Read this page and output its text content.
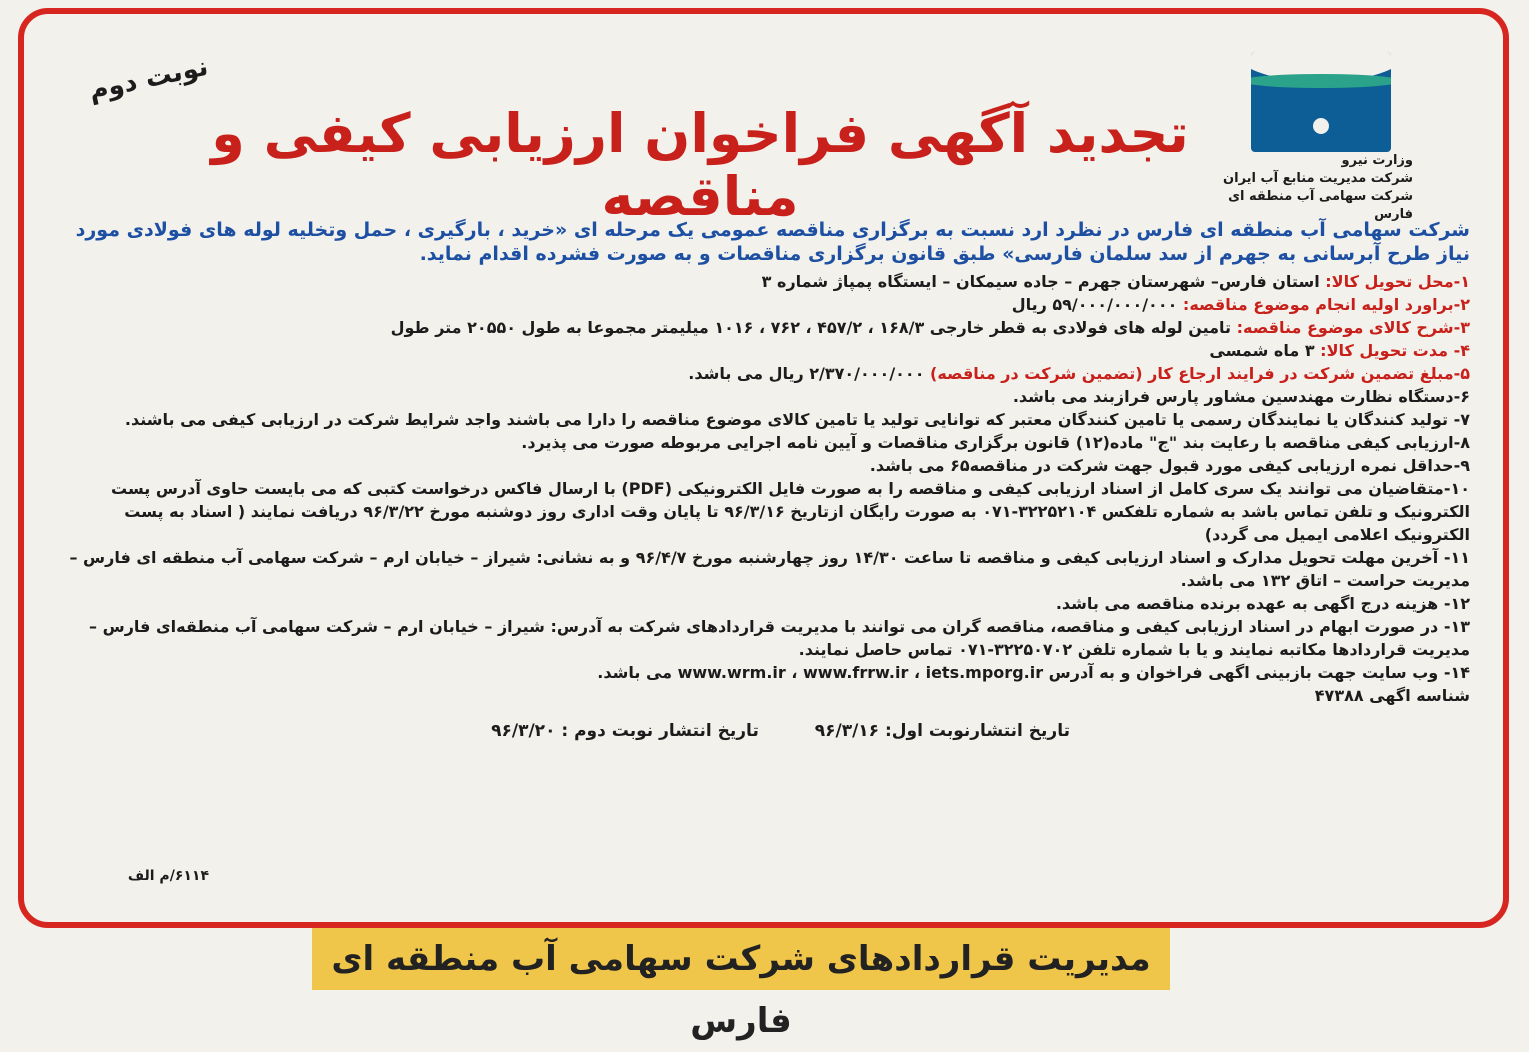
وزارت نیرو
شرکت مدیریت منابع آب ایران
شرکت سهامی آب منطقه ای فارس
نوبت دوم
تجدید آگهی فراخوان ارزیابی کیفی و مناقصه

شرکت سهامی آب منطقه ای فارس در نظرد ارد نسبت به برگزاری مناقصه عمومی یک مرحله ای «خرید ، بارگیری ، حمل وتخلیه لوله های فولادی مورد نیاز طرح آبرسانی به جهرم از سد سلمان فارسی» طبق قانون برگزاری مناقصات و به صورت فشرده اقدام نماید.

۱-محل تحویل کالا: استان فارس– شهرستان جهرم – جاده سیمکان – ایستگاه پمپاژ شماره ۳

۲-براورد اولیه انجام موضوع مناقصه: ۵۹/۰۰۰/۰۰۰/۰۰۰ ریال

۳-شرح کالای موضوع مناقصه: تامین لوله های فولادی به قطر خارجی ۱۶۸/۳ ، ۴۵۷/۲ ، ۷۶۲ ، ۱۰۱۶ میلیمتر مجموعا به طول ۲۰۵۵۰ متر طول

۴- مدت تحویل کالا: ۳ ماه شمسی

۵-مبلغ تضمین شرکت در فرایند ارجاع کار (تضمین شرکت در مناقصه) ۲/۳۷۰/۰۰۰/۰۰۰ ریال می باشد.

۶-دستگاه نظارت مهندسین مشاور پارس فرازبند می باشد.

۷- تولید کنندگان یا نمایندگان رسمی یا تامین کنندگان معتبر که توانایی تولید یا تامین کالای موضوع مناقصه را دارا می باشند واجد شرایط شرکت در ارزیابی کیفی می باشند.

۸-ارزیابی کیفی مناقصه با رعایت بند "ج" ماده(۱۲) قانون برگزاری مناقصات و آیین نامه اجرایی مربوطه صورت می پذیرد.

۹-حداقل نمره ارزیابی کیفی مورد قبول جهت شرکت در مناقصه۶۵ می باشد.

۱۰-متقاضیان می توانند یک سری کامل از اسناد ارزیابی کیفی و مناقصه را به صورت فایل الکترونیکی (PDF) با ارسال فاکس درخواست کتبی که می بایست حاوی آدرس پست الکترونیک و تلفن تماس باشد به شماره تلفکس ۳۲۲۵۲۱۰۴-۰۷۱ به صورت رایگان ازتاریخ ۹۶/۳/۱۶ تا پایان وقت اداری روز دوشنبه مورخ ۹۶/۳/۲۲ دریافت نمایند ( اسناد به پست الکترونیک اعلامی ایمیل می گردد)

۱۱- آخرین مهلت تحویل مدارک و اسناد ارزیابی کیفی و مناقصه تا ساعت ۱۴/۳۰ روز چهارشنبه مورخ ۹۶/۴/۷ و به نشانی: شیراز – خیابان ارم – شرکت سهامی آب منطقه ای فارس – مدیریت حراست – اتاق ۱۳۲ می باشد.

۱۲- هزینه درج اگهی به عهده برنده مناقصه می باشد.

۱۳- در صورت ابهام در اسناد ارزیابی کیفی و مناقصه، مناقصه گران می توانند با مدیریت قراردادهای شرکت به آدرس: شیراز – خیابان ارم – شرکت سهامی آب منطقه‌ای فارس – مدیریت قراردادها مکاتبه نمایند و یا با شماره تلفن ۳۲۲۵۰۷۰۲-۰۷۱ تماس حاصل نمایند.

۱۴- وب سایت جهت بازبینی اگهی فراخوان و به آدرس www.wrm.ir ، www.frrw.ir ، iets.mporg.ir می باشد.

شناسه اگهی ۴۷۳۸۸

تاریخ انتشارنوبت اول: ۹۶/۳/۱۶ تاریخ انتشار نوبت دوم : ۹۶/۳/۲۰
۶۱۱۴/م الف
مدیریت قراردادهای شرکت سهامی آب منطقه ای فارس
